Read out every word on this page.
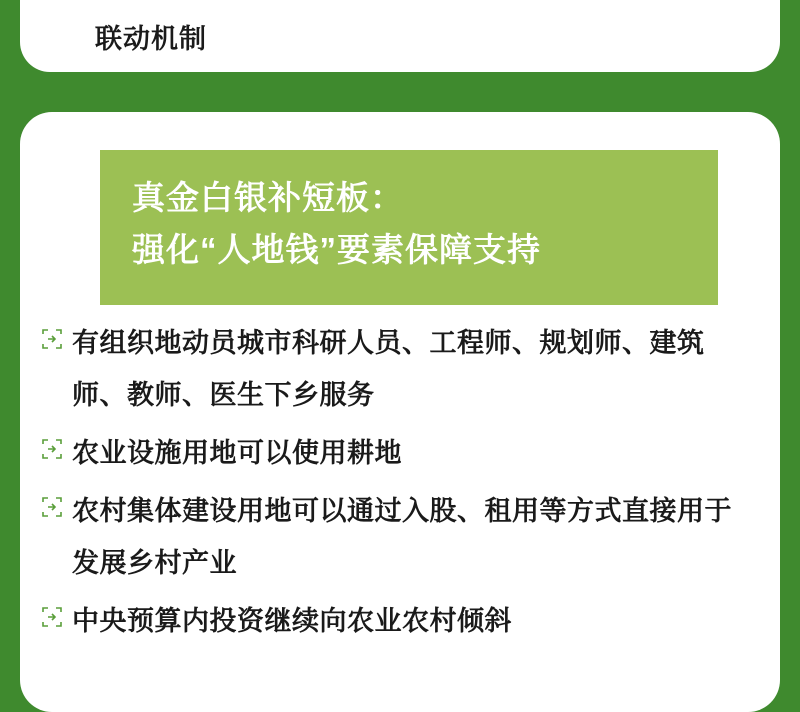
联动机制
真金白银补短板：
强化“人地钱”要素保障支持
有组织地动员城市科研人员、工程师、规划师、建筑师、教师、医生下乡服务
农业设施用地可以使用耕地
农村集体建设用地可以通过入股、租用等方式直接用于发展乡村产业
中央预算内投资继续向农业农村倾斜
